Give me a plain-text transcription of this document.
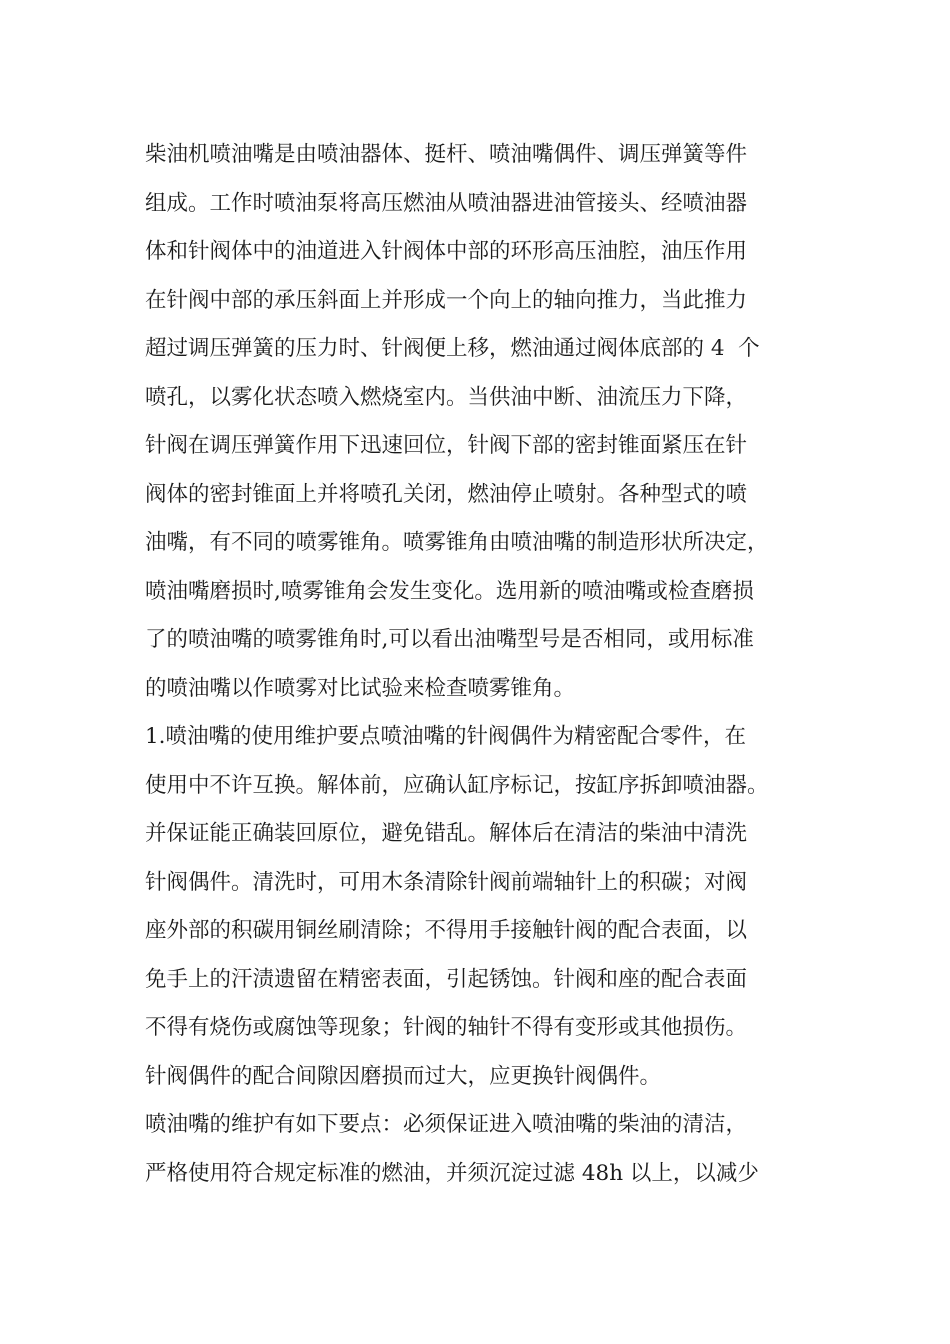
柴油机喷油嘴是由喷油器体、挺杆、喷油嘴偶件、调压弹簧等件
组成。工作时喷油泵将高压燃油从喷油器进油管接头、经喷油器
体和针阀体中的油道进入针阀体中部的环形高压油腔，油压作用
在针阀中部的承压斜面上并形成一个向上的轴向推力，当此推力
超过调压弹簧的压力时、针阀便上移，燃油通过阀体底部的 4  个
喷孔，以雾化状态喷入燃烧室内。当供油中断、油流压力下降，
针阀在调压弹簧作用下迅速回位，针阀下部的密封锥面紧压在针
阀体的密封锥面上并将喷孔关闭，燃油停止喷射。各种型式的喷
油嘴，有不同的喷雾锥角。喷雾锥角由喷油嘴的制造形状所决定，
喷油嘴磨损时,喷雾锥角会发生变化。选用新的喷油嘴或检查磨损
了的喷油嘴的喷雾锥角时,可以看出油嘴型号是否相同，或用标准
的喷油嘴以作喷雾对比试验来检查喷雾锥角。
1.喷油嘴的使用维护要点喷油嘴的针阀偶件为精密配合零件，在
使用中不许互换。解体前，应确认缸序标记，按缸序拆卸喷油器。
并保证能正确装回原位，避免错乱。解体后在清洁的柴油中清洗
针阀偶件。清洗时，可用木条清除针阀前端轴针上的积碳；对阀
座外部的积碳用铜丝刷清除；不得用手接触针阀的配合表面，以
免手上的汗渍遗留在精密表面，引起锈蚀。针阀和座的配合表面
不得有烧伤或腐蚀等现象；针阀的轴针不得有变形或其他损伤。
针阀偶件的配合间隙因磨损而过大，应更换针阀偶件。
喷油嘴的维护有如下要点：必须保证进入喷油嘴的柴油的清洁，
严格使用符合规定标准的燃油，并须沉淀过滤 48h 以上，以减少
